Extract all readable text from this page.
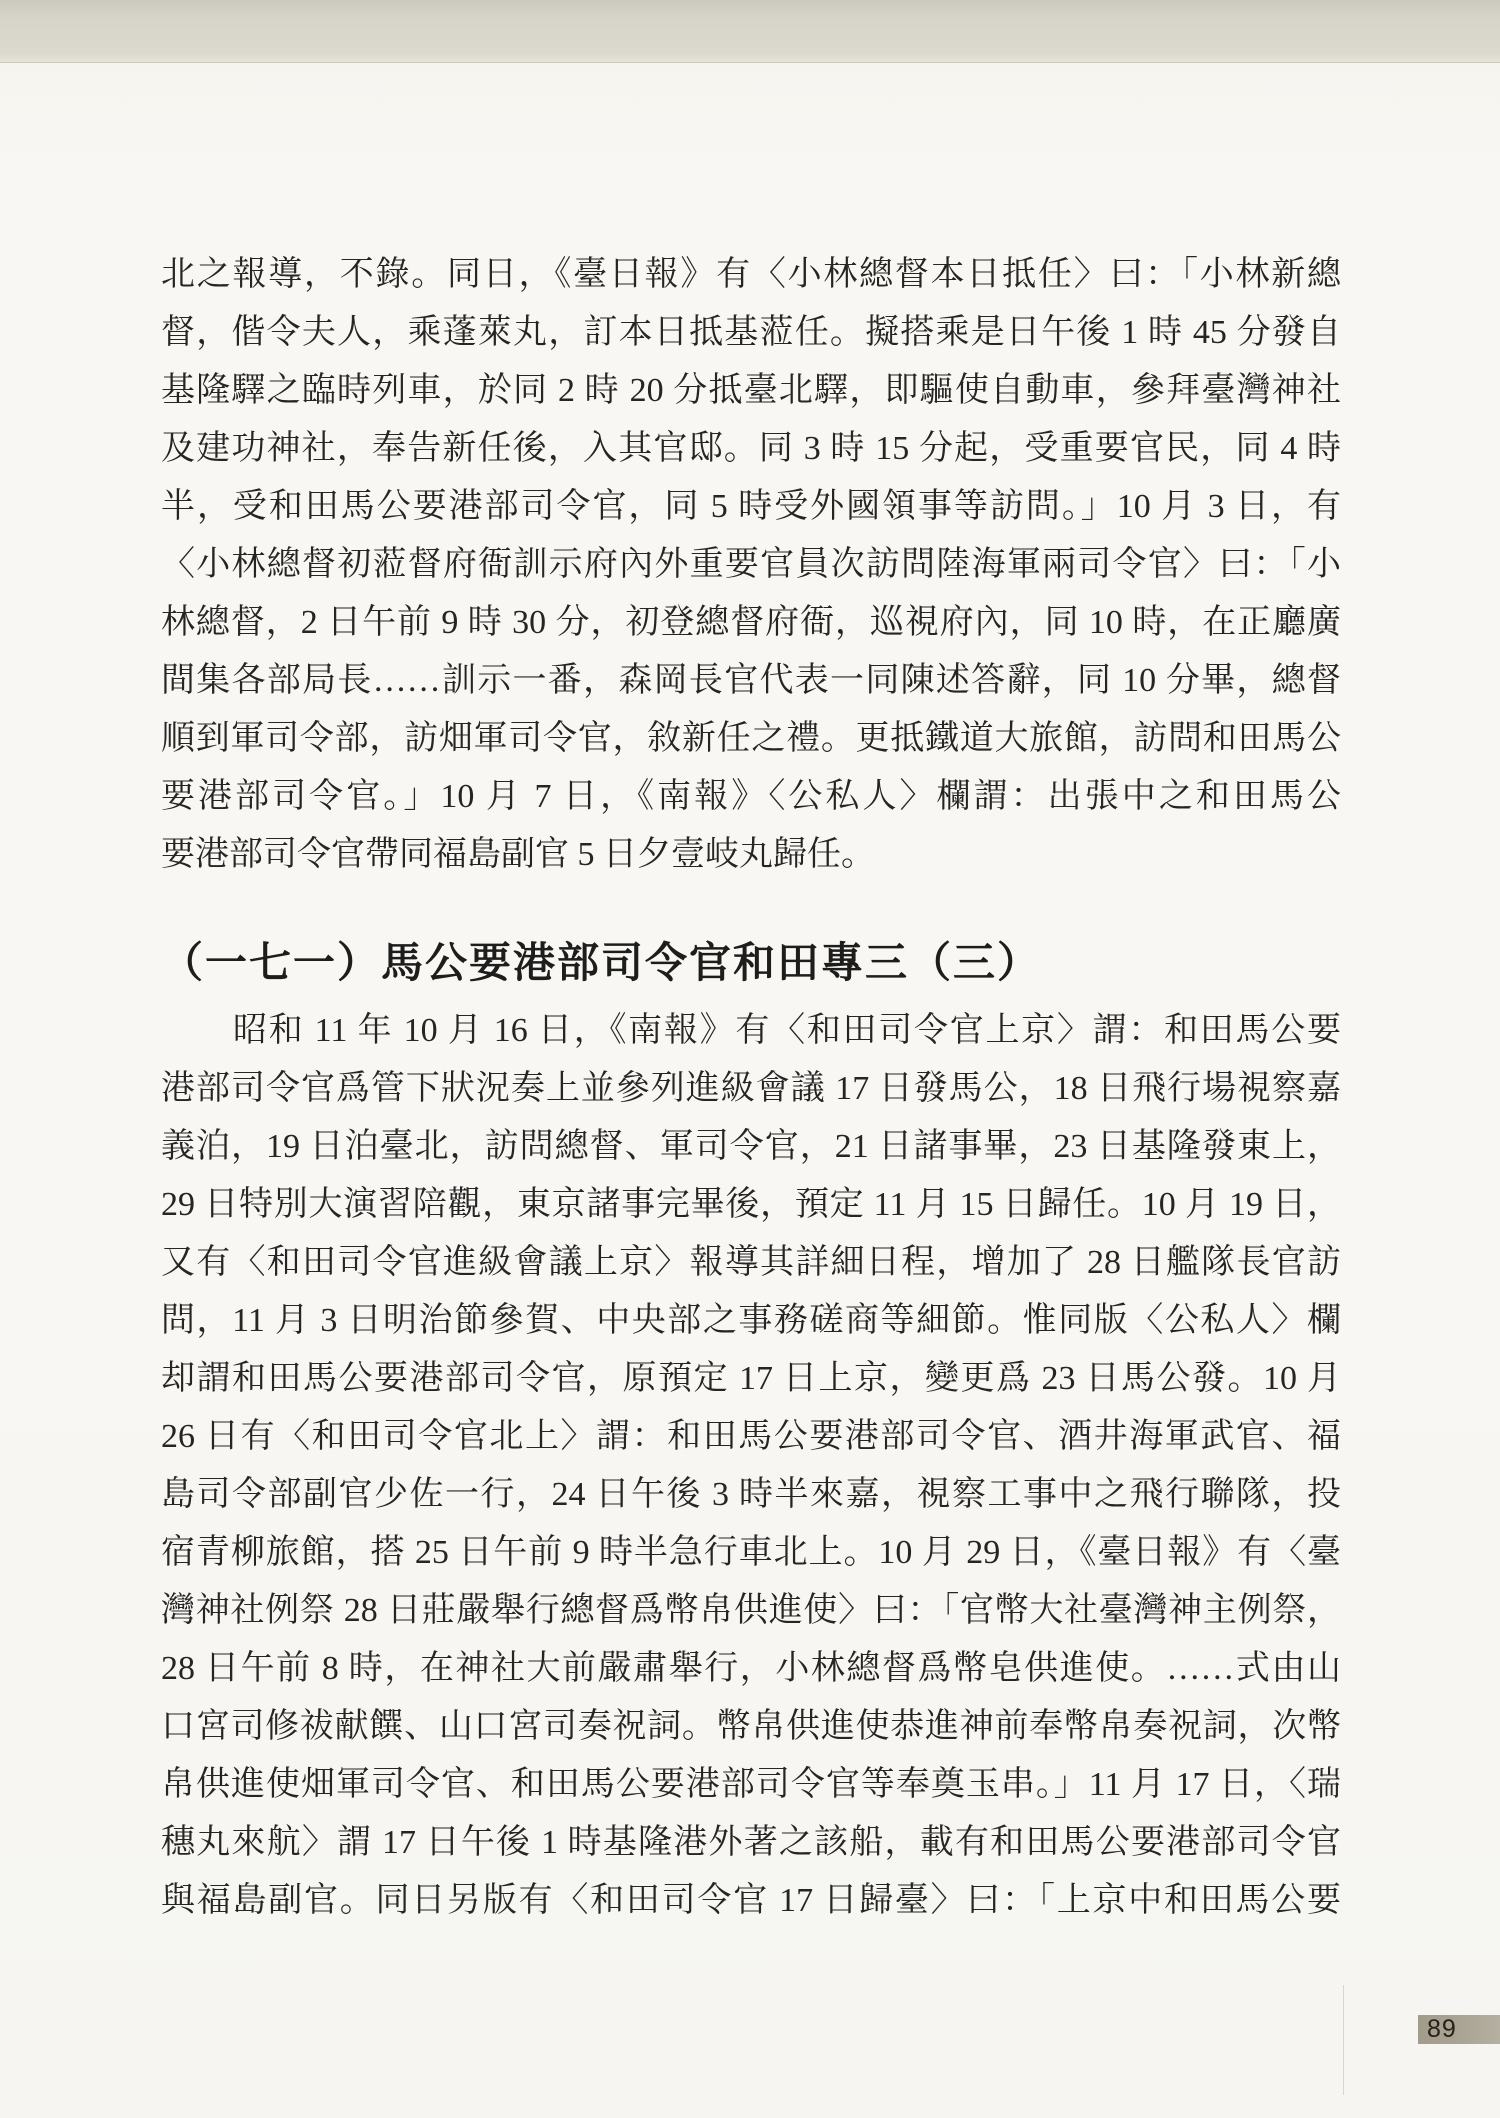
北之報導，不錄。同日，《臺日報》有〈小林總督本日抵任〉曰：「小林新總
督，偕令夫人，乘蓬萊丸，訂本日抵基蒞任。擬搭乘是日午後 1 時 45 分發自
基隆驛之臨時列車，於同 2 時 20 分抵臺北驛，即驅使自動車，參拜臺灣神社
及建功神社，奉告新任後，入其官邸。同 3 時 15 分起，受重要官民，同 4 時
半，受和田馬公要港部司令官，同 5 時受外國領事等訪問。」10 月 3 日，有
〈小林總督初蒞督府衙訓示府內外重要官員次訪問陸海軍兩司令官〉曰：「小
林總督，2 日午前 9 時 30 分，初登總督府衙，巡視府內，同 10 時，在正廳廣
間集各部局長……訓示一番，森岡長官代表一同陳述答辭，同 10 分畢，總督
順到軍司令部，訪畑軍司令官，敘新任之禮。更抵鐵道大旅館，訪問和田馬公
要港部司令官。」10 月 7 日，《南報》〈公私人〉欄謂：出張中之和田馬公
要港部司令官帶同福島副官 5 日夕壹岐丸歸任。
（一七一）馬公要港部司令官和田專三（三）
昭和 11 年 10 月 16 日，《南報》有〈和田司令官上京〉謂：和田馬公要
港部司令官爲管下狀況奏上並參列進級會議 17 日發馬公，18 日飛行場視察嘉
義泊，19 日泊臺北，訪問總督、軍司令官，21 日諸事畢，23 日基隆發東上，
29 日特別大演習陪觀，東京諸事完畢後，預定 11 月 15 日歸任。10 月 19 日，
又有〈和田司令官進級會議上京〉報導其詳細日程，增加了 28 日艦隊長官訪
問，11 月 3 日明治節參賀、中央部之事務磋商等細節。惟同版〈公私人〉欄
却謂和田馬公要港部司令官，原預定 17 日上京，變更爲 23 日馬公發。10 月
26 日有〈和田司令官北上〉謂：和田馬公要港部司令官、酒井海軍武官、福
島司令部副官少佐一行，24 日午後 3 時半來嘉，視察工事中之飛行聯隊，投
宿青柳旅館，搭 25 日午前 9 時半急行車北上。10 月 29 日，《臺日報》有〈臺
灣神社例祭 28 日莊嚴舉行總督爲幣帛供進使〉曰：「官幣大社臺灣神主例祭，
28 日午前 8 時，在神社大前嚴肅舉行，小林總督爲幣皂供進使。……式由山
口宮司修祓献饌、山口宮司奏祝詞。幣帛供進使恭進神前奉幣帛奏祝詞，次幣
帛供進使畑軍司令官、和田馬公要港部司令官等奉奠玉串。」11 月 17 日，〈瑞
穗丸來航〉謂 17 日午後 1 時基隆港外著之該船，載有和田馬公要港部司令官
與福島副官。同日另版有〈和田司令官 17 日歸臺〉曰：「上京中和田馬公要
89
